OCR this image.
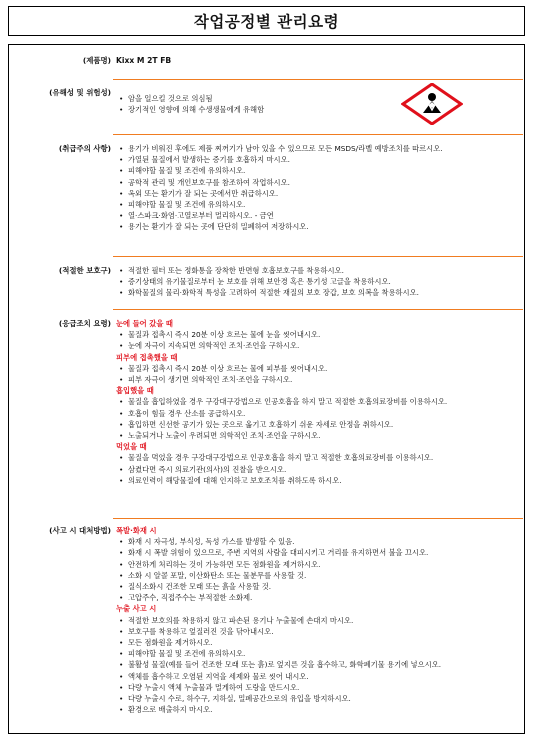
작업공정별 관리요령
(제품명) Kixx M 2T FB
(유해성 및 위험성)
• 암을 일으킬 것으로 의심됨
• 장기적인 영향에 의해 수생생물에게 유해함
(취급주의 사항)	• 용기가 비워진 후에도 제품 찌꺼기가 남아 있을 수 있으므로 모든 MSDS/라벨 예방조치를 따르시오.
• 가열된 물질에서 발생하는 증기를 호흡하지 마시오.
• 피해야할 물질 및 조건에 유의하시오.
• 공학적 관리 및 개인보호구를 참조하여 작업하시오.
• 옥외 또는 환기가 잘 되는 곳에서만 취급하시오.
• 피해야할 물질 및 조건에 유의하시오.
• 열·스파크·화염·고열로부터 멀리하시오. - 금연
• 용기는 환기가 잘 되는 곳에 단단히 밀폐하여 저장하시오.
(적절한 보호구)	• 적절한 필터 또는 정화통을 장착한 반면형 호흡보호구를 착용하시오.
• 증기상태의 유기물질로부터 눈 보호를 위해 보안경 혹은 통기성 고글을 착용하시오.
• 화학물질의 물리·화학적 특성을 고려하여 적절한 재질의 보호 장갑, 보호 의복을 착용하시오.
(응급조치 요령) 눈에 들어 갔을 때
• 물질과 접촉시 즉시 20분 이상 흐르는 물에 눈을 씻어내시오.
• 눈에 자극이 지속되면 의학적인 조치·조언을 구하시오.
피부에 접촉했을 때
• 물질과 접촉시 즉시 20분 이상 흐르는 물에 피부를 씻어내시오.
• 피부 자극이 생기면 의학적인 조치·조언을 구하시오.
흡입했을 때
• 물질을 흡입하였을 경우 구강대구강법으로 인공호흡을 하지 말고 적절한 호흡의료장비를 이용하시오.
• 호흡이 힘들 경우 산소를 공급하시오.
• 흡입하면 신선한 공기가 있는 곳으로 옮기고 호흡하기 쉬운 자세로 안정을 취하시오.
• 노출되거나 노출이 우려되면 의학적인 조치·조언을 구하시오.
먹었을 때
• 물질을 먹었을 경우 구강대구강법으로 인공호흡을 하지 말고 적절한 호흡의료장비를 이용하시오.
• 삼켰다면 즉시 의료기관(의사)의 진찰을 받으시오.
• 의료인력이 해당물질에 대해 인지하고 보호조치를 취하도록 하시오.
(사고 시 대처방법) 폭발·화재 시
• 화재 시 자극성, 부식성, 독성 가스를 발생할 수 있음.
• 화재 시 폭발 위험이 있으므로, 주변 지역의 사람을 대피시키고 거리를 유지하면서 불을 끄시오.
• 안전하게 처리하는 것이 가능하면 모든 점화원을 제거하시오.
• 소화 시 알콜 포말, 이산화탄소 또는 물분무를 사용할 것.
• 질식소화시 건조한 모래 또는 흙을 사용할 것.
• 고압주수, 직접주수는 부적절한 소화제.
누출 사고 시
• 적절한 보호의를 착용하지 않고 파손된 용기나 누출물에 손대지 마시오.
• 보호구를 착용하고 엎질러진 것을 닦아내시오.
• 모든 점화원을 제거하시오.
• 피해야할 물질 및 조건에 유의하시오.
• 불활성 물질(예를 들어 건조한 모래 또는 흙)로 엎지른 것을 흡수하고, 화학폐기물 용기에 넣으시오.
• 액체를 흡수하고 오염된 지역을 세제와 물로 씻어 내시오.
• 다량 누출시 액체 누출물과 멀게하여 도랑을 만드시오.
• 다량 누출시 수로, 하수구, 지하실, 밀폐공간으로의 유입을 방지하시오.
• 환경으로 배출하지 마시오.
